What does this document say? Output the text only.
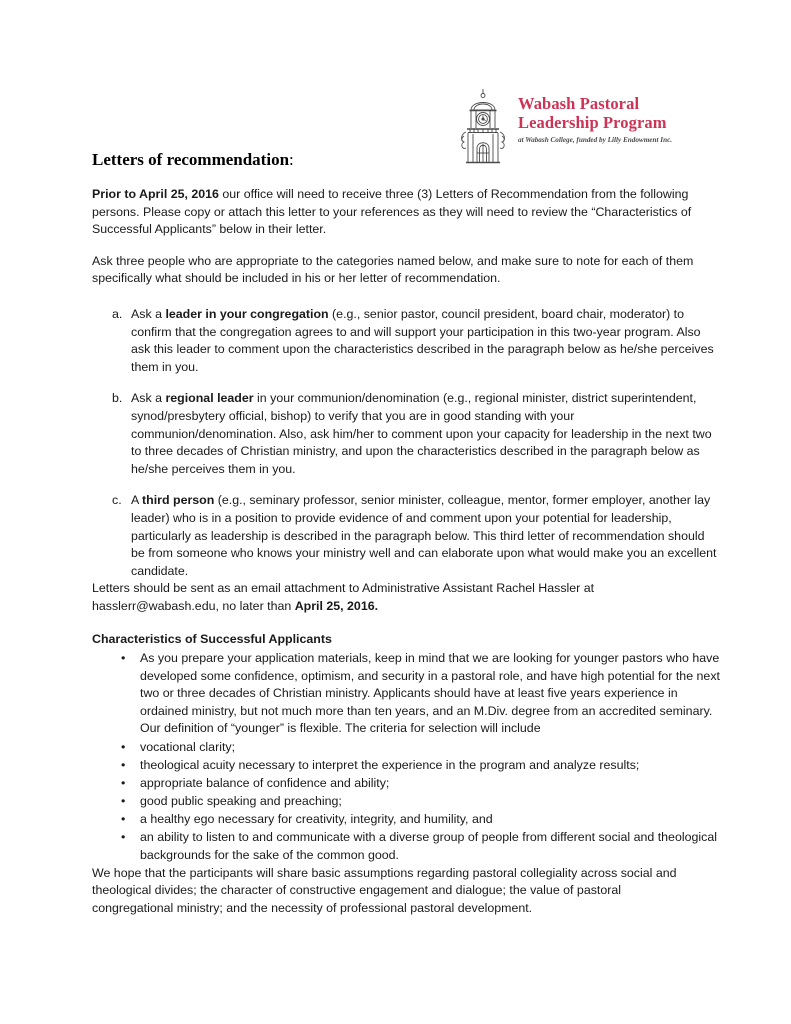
Wabash Pastoral
Leadership Program
at Wabash College, funded by Lilly Endowment Inc.
Letters of recommendation:

Prior to April 25, 2016 our office will need to receive three (3) Letters of Recommendation from the following persons. Please copy or attach this letter to your references as they will need to review the “Characteristics of Successful Applicants” below in their letter.

Ask three people who are appropriate to the categories named below, and make sure to note for each of them specifically what should be included in his or her letter of recommendation.

a. Ask a leader in your congregation (e.g., senior pastor, council president, board chair, moderator) to confirm that the congregation agrees to and will support your participation in this two-year program. Also ask this leader to comment upon the characteristics described in the paragraph below as he/she perceives them in you.
b. Ask a regional leader in your communion/denomination (e.g., regional minister, district superintendent, synod/presbytery official, bishop) to verify that you are in good standing with your communion/denomination. Also, ask him/her to comment upon your capacity for leadership in the next two to three decades of Christian ministry, and upon the characteristics described in the paragraph below as he/she perceives them in you.
c. A third person (e.g., seminary professor, senior minister, colleague, mentor, former employer, another lay leader) who is in a position to provide evidence of and comment upon your potential for leadership, particularly as leadership is described in the paragraph below. This third letter of recommendation should be from someone who knows your ministry well and can elaborate upon what would make you an excellent candidate.

Letters should be sent as an email attachment to Administrative Assistant Rachel Hassler at hasslerr@wabash.edu, no later than April 25, 2016.

Characteristics of Successful Applicants
• As you prepare your application materials, keep in mind that we are looking for younger pastors who have developed some confidence, optimism, and security in a pastoral role, and have high potential for the next two or three decades of Christian ministry. Applicants should have at least five years experience in ordained ministry, but not much more than ten years, and an M.Div. degree from an accredited seminary. Our definition of “younger” is flexible. The criteria for selection will include
• vocational clarity;
• theological acuity necessary to interpret the experience in the program and analyze results;
• appropriate balance of confidence and ability;
• good public speaking and preaching;
• a healthy ego necessary for creativity, integrity, and humility, and
• an ability to listen to and communicate with a diverse group of people from different social and theological backgrounds for the sake of the common good.

We hope that the participants will share basic assumptions regarding pastoral collegiality across social and theological divides; the character of constructive engagement and dialogue; the value of pastoral congregational ministry; and the necessity of professional pastoral development.
